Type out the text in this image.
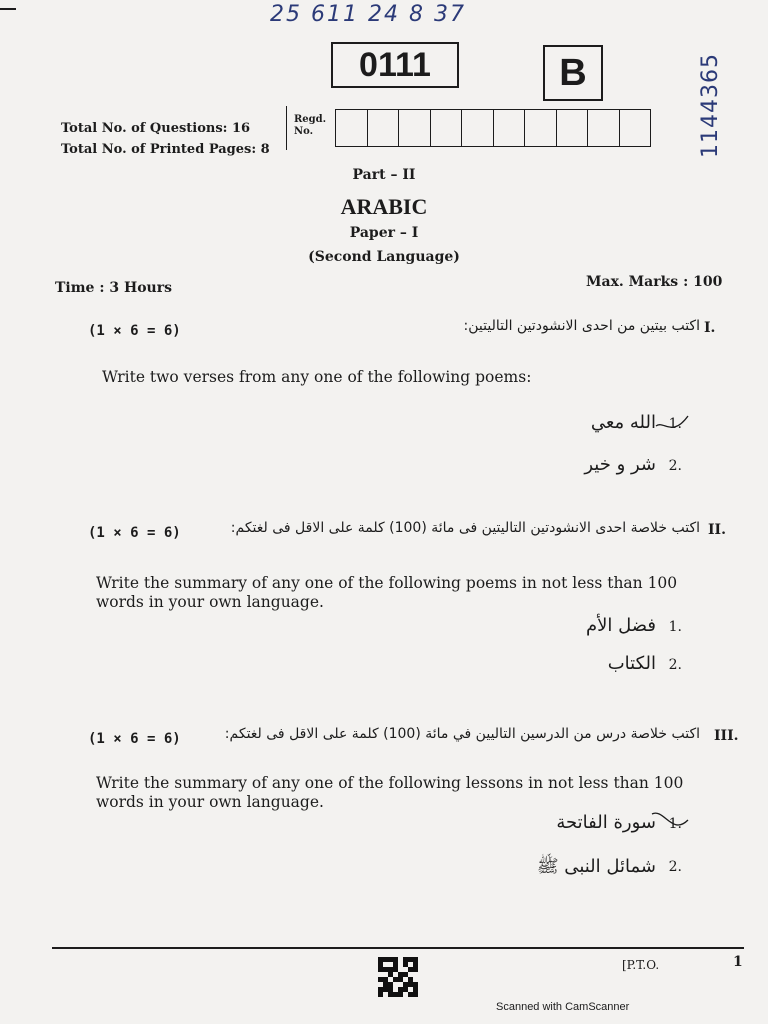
25 611 24 8 37
0111	B	1144365
Total No. of Questions: 16
Total No. of Printed Pages: 8
Regd.
No.
Part – II
ARABIC
Paper – I
(Second Language)
Time : 3 Hours	Max. Marks : 100
(1 × 6 = 6)	اكتب بيتين من احدى الانشودتين التاليتين: I.
Write two verses from any one of the following poems:
الله معي 1.
شر و خير 2.
(1 × 6 = 6)	اكتب خلاصة احدى الانشودتين التاليتين فى مائة (100) كلمة على الاقل فى لغتكم: II.
Write the summary of any one of the following poems in not less than 100 words in your own language.
فضل الأم 1.
الكتاب 2.
(1 × 6 = 6)	اكتب خلاصة درس من الدرسين التاليين في مائة (100) كلمة على الاقل فى لغتكم: III.
Write the summary of any one of the following lessons in not less than 100 words in your own language.
سورة الفاتحة 1.
شمائل النبى ﷺ 2.
[P.T.O.	1
Scanned with CamScanner
